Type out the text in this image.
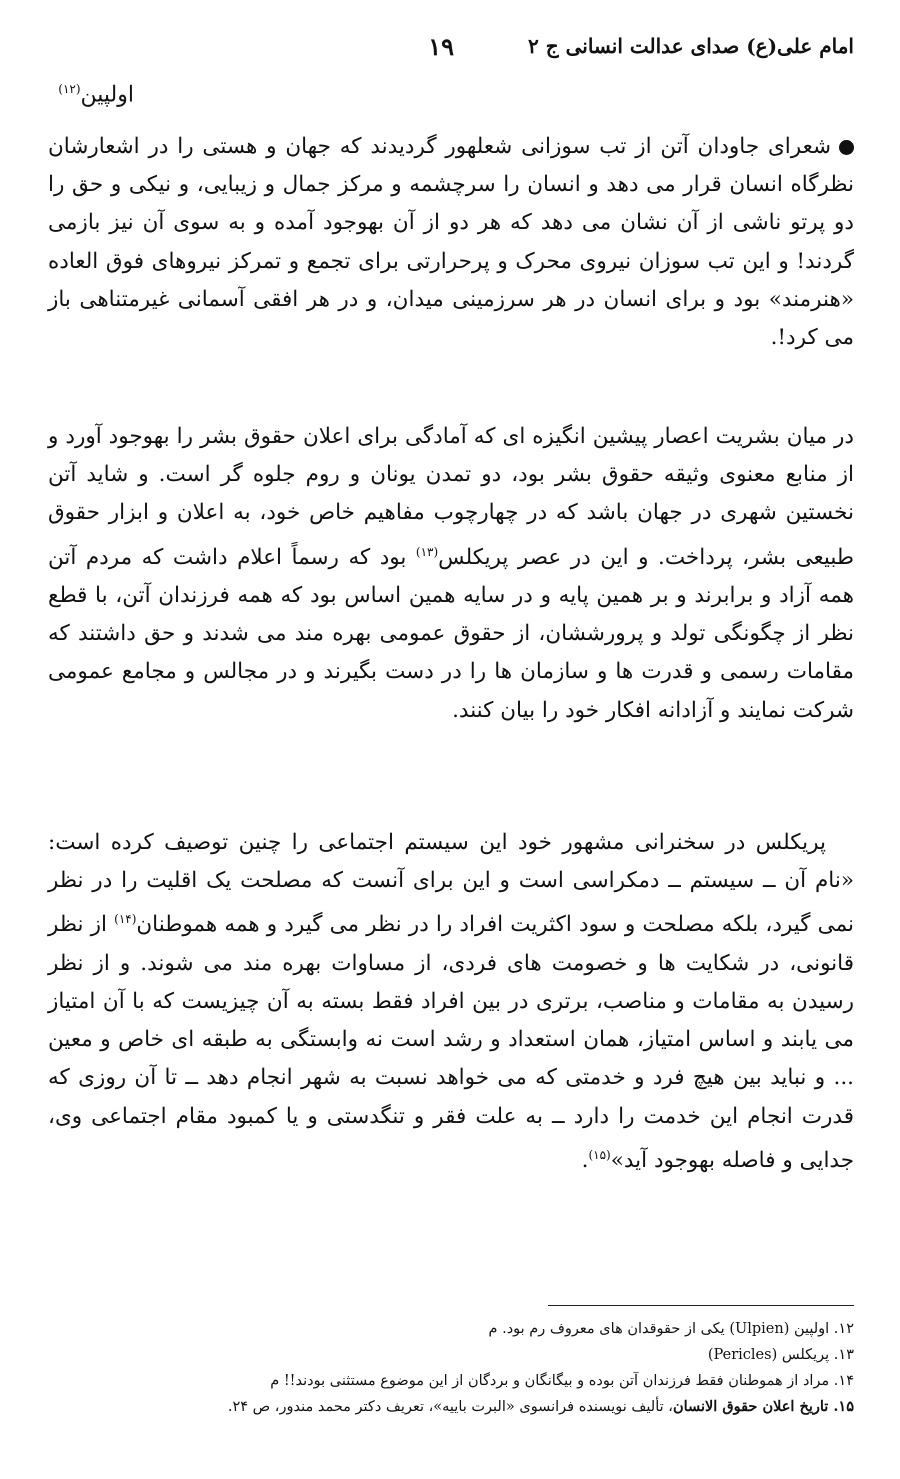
امام علی(ع) صدای عدالت انسانی ج ۲
۱۹
اولپین$^{(۱۲)}$

شعرای جاودان آتن از تب سوزانی شعلهور گردیدند که جهان و هستی را در اشعارشان نظرگاه انسان قرار می دهد و انسان را سرچشمه و مرکز جمال و زیبایی، و نیکی و حق را دو پرتو ناشی از آن نشان می دهد که هر دو از آن بهوجود آمده و به سوی آن نیز بازمی گردند! و این تب سوزان نیروی محرک و پرحرارتی برای تجمع و تمرکز نیروهای فوق العاده «هنرمند» بود و برای انسان در هر سرزمینی میدان، و در هر افقی آسمانی غیرمتناهی باز می کرد!.

در میان بشریت اعصار پیشین انگیزه ای که آمادگی برای اعلان حقوق بشر را بهوجود آورد و از منابع معنوی وثیقه حقوق بشر بود، دو تمدن یونان و روم جلوه گر است. و شاید آتن نخستین شهری در جهان باشد که در چهارچوب مفاهیم خاص خود، به اعلان و ابزار حقوق طبیعی بشر، پرداخت. و این در عصر پریکلس$^{(۱۳)}$ بود که رسماً اعلام داشت که مردم آتن همه آزاد و برابرند و بر همین پایه و در سایه همین اساس بود که همه فرزندان آتن، با قطع نظر از چگونگی تولد و پرورششان، از حقوق عمومی بهره مند می شدند و حق داشتند که مقامات رسمی و قدرت ها و سازمان ها را در دست بگیرند و در مجالس و مجامع عمومی شرکت نمایند و آزادانه افکار خود را بیان کنند.

پریکلس در سخنرانی مشهور خود این سیستم اجتماعی را چنین توصیف کرده است: «نام آن ــ سیستم ــ دمکراسی است و این برای آنست که مصلحت یک اقلیت را در نظر نمی گیرد، بلکه مصلحت و سود اکثریت افراد را در نظر می گیرد و همه هموطنان$^{(۱۴)}$ از نظر قانونی، در شکایت ها و خصومت های فردی، از مساوات بهره مند می شوند. و از نظر رسیدن به مقامات و مناصب، برتری در بین افراد فقط بسته به آن چیزیست که با آن امتیاز می یابند و اساس امتیاز، همان استعداد و رشد است نه وابستگی به طبقه ای خاص و معین ... و نباید بین هیچ فرد و خدمتی که می خواهد نسبت به شهر انجام دهد ــ تا آن روزی که قدرت انجام این خدمت را دارد ــ به علت فقر و تنگدستی و یا کمبود مقام اجتماعی وی، جدایی و فاصله بهوجود آید»$^{(۱۵)}$.

۱۲. اولپین (Ulpien) یکی از حقوقدان های معروف رم بود. م
۱۳. پریکلس (Pericles)
۱۴. مراد از هموطنان فقط فرزندان آتن بوده و بیگانگان و بردگان از این موضوع مستثنی بودند!! م
۱۵. تاریخ اعلان حقوق الانسان، تألیف نویسنده فرانسوی «البرت باییه»، تعریف دکتر محمد مندور، ص ۲۴.
